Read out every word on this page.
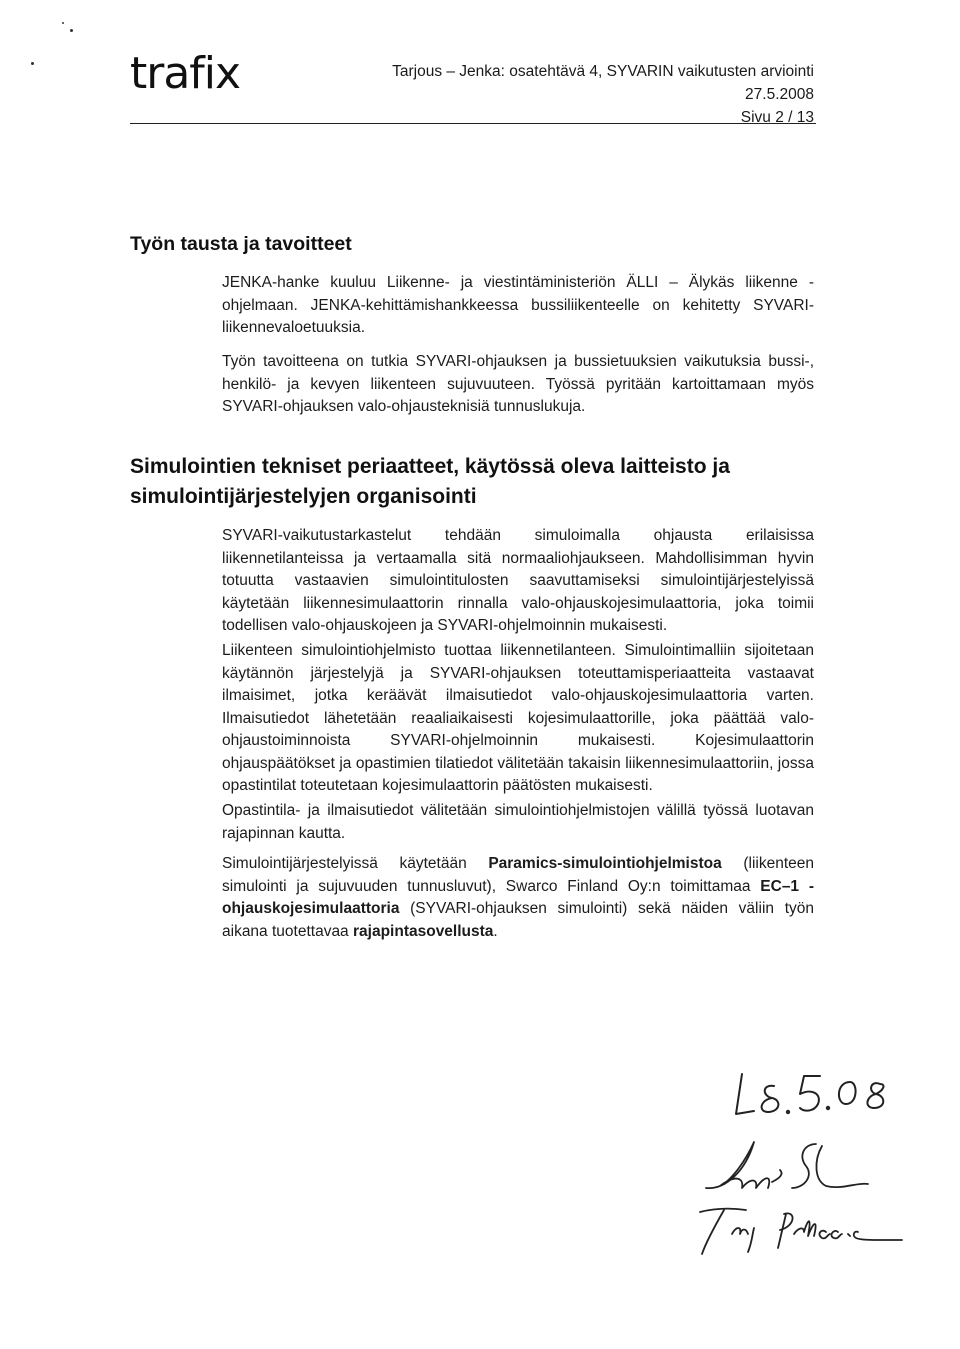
trafix	Tarjous – Jenka: osatehtävä 4, SYVARIN vaikutusten arviointi
27.5.2008
Sivu 2 / 13
Työn tausta ja tavoitteet

JENKA-hanke kuuluu Liikenne- ja viestintäministeriön ÄLLI – Älykäs liikenne - ohjelmaan. JENKA-kehittämishankkeessa bussiliikenteelle on kehitetty SYVARI-liikennevaloetuuksia.

Työn tavoitteena on tutkia SYVARI-ohjauksen ja bussietuuksien vaikutuksia bussi-, henkilö- ja kevyen liikenteen sujuvuuteen. Työssä pyritään kartoittamaan myös SYVARI-ohjauksen valo-ohjausteknisiä tunnuslukuja.

Simulointien tekniset periaatteet, käytössä oleva laitteisto ja simulointijärjestelyjen organisointi

SYVARI-vaikutustarkastelut tehdään simuloimalla ohjausta erilaisissa liikennetilanteissa ja vertaamalla sitä normaaliohjaukseen. Mahdollisimman hyvin totuutta vastaavien simulointitulosten saavuttamiseksi simulointijärjestelyissä käytetään liikennesimulaattorin rinnalla valo-ohjauskojesimulaattoria, joka toimii todellisen valo-ohjauskojeen ja SYVARI-ohjelmoinnin mukaisesti.

Liikenteen simulointiohjelmisto tuottaa liikennetilanteen. Simulointimalliin sijoitetaan käytännön järjestelyjä ja SYVARI-ohjauksen toteuttamisperiaatteita vastaavat ilmaisimet, jotka keräävät ilmaisutiedot valo-ohjauskojesimulaattoria varten. Ilmaisutiedot lähetetään reaaliaikaisesti kojesimulaattorille, joka päättää valo-ohjaustoiminnoista SYVARI-ohjelmoinnin mukaisesti. Kojesimulaattorin ohjauspäätökset ja opastimien tilatiedot välitetään takaisin liikennesimulaattoriin, jossa opastintilat toteutetaan kojesimulaattorin päätösten mukaisesti.

Opastintila- ja ilmaisutiedot välitetään simulointiohjelmistojen välillä työssä luotavan rajapinnan kautta.

Simulointijärjestelyissä käytetään Paramics-simulointiohjelmistoa (liikenteen simulointi ja sujuvuuden tunnusluvut), Swarco Finland Oy:n toimittamaa EC–1 - ohjauskojesimulaattoria (SYVARI-ohjauksen simulointi) sekä näiden väliin työn aikana tuotettavaa rajapintasovellusta.
